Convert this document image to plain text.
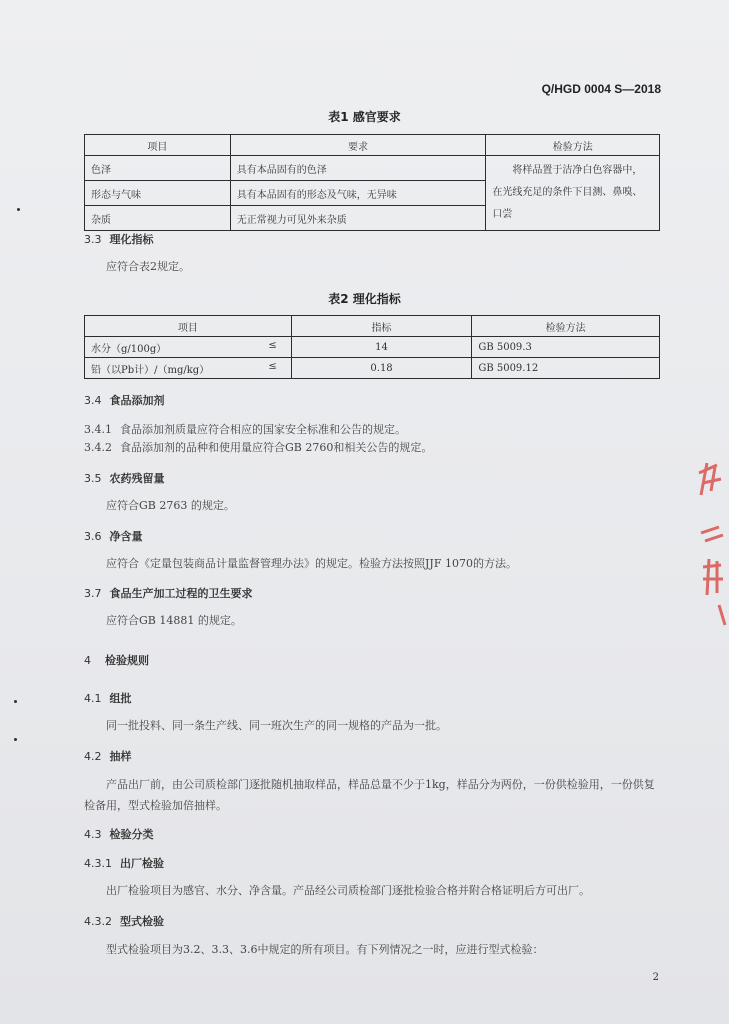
Q/HGD 0004 S—2018
表1 感官要求
项目	要求	检验方法
色泽	具有本品固有的色泽	将样品置于洁净白色容器中，
在光线充足的条件下目测、鼻嗅、
口尝

形态与气味	具有本品固有的形态及气味，无异味	
杂质	无正常视力可见外来杂质	
3.3 理化指标
应符合表2规定。
表2 理化指标
项目	指标	检验方法
水分（g/100g） ≤	14	GB 5009.3
铅（以Pb计）/（mg/kg） ≤	0.18	GB 5009.12
3.4 食品添加剂
3.4.1 食品添加剂质量应符合相应的国家安全标准和公告的规定。
3.4.2 食品添加剂的品种和使用量应符合GB 2760和相关公告的规定。
3.5 农药残留量
应符合GB 2763 的规定。
3.6 净含量
应符合《定量包装商品计量监督管理办法》的规定。检验方法按照JJF 1070的方法。
3.7 食品生产加工过程的卫生要求
应符合GB 14881 的规定。
4 检验规则
4.1 组批
同一批投料、同一条生产线、同一班次生产的同一规格的产品为一批。
4.2 抽样
产品出厂前，由公司质检部门逐批随机抽取样品，样品总量不少于1kg，样品分为两份，一份供检验用，一份供复检备用，型式检验加倍抽样。
4.3 检验分类
4.3.1 出厂检验
出厂检验项目为感官、水分、净含量。产品经公司质检部门逐批检验合格并附合格证明后方可出厂。
4.3.2 型式检验
型式检验项目为3.2、3.3、3.6中规定的所有项目。有下列情况之一时，应进行型式检验：
2
